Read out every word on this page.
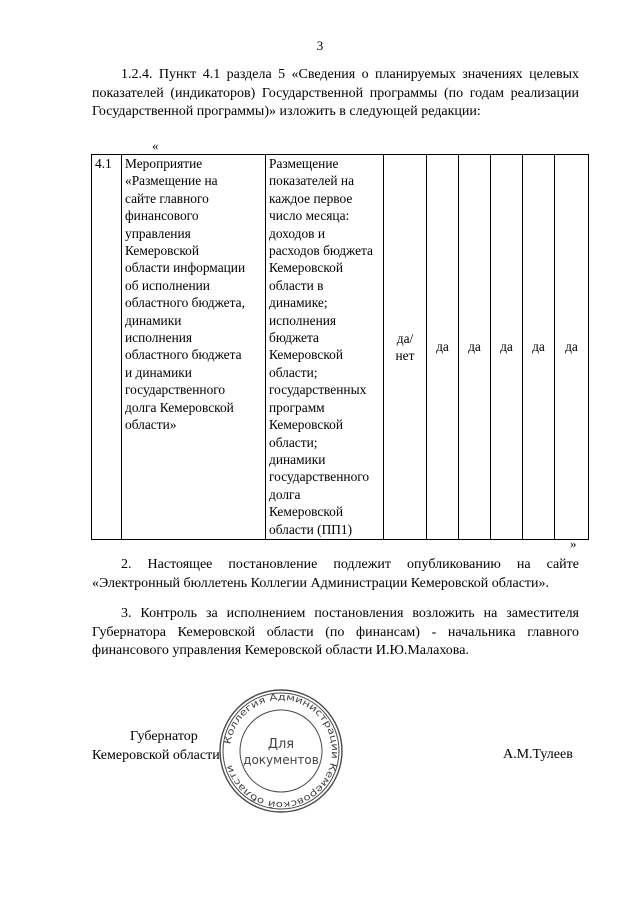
3

1.2.4. Пункт 4.1 раздела 5 «Сведения о планируемых значениях целевых показателей (индикаторов) Государственной программы (по годам реализации Государственной программы)» изложить в следующей редакции:

«
4.1	Мероприятие
«Размещение на
сайте главного
финансового
управления
Кемеровской
области информации
об исполнении
областного бюджета,
динамики
исполнения
областного бюджета
и динамики
государственного
долга Кемеровской
области»	Размещение
показателей на
каждое первое
число месяца:
доходов и
расходов бюджета
Кемеровской
области в
динамике;
исполнения
бюджета
Кемеровской
области;
государственных
программ
Кемеровской
области;
динамики
государственного
долга
Кемеровской
области (ПП1)	да/
нет	да	да	да	да	да
»

2. Настоящее постановление подлежит опубликованию на сайте «Электронный бюллетень Коллегии Администрации Кемеровской области».

3. Контроль за исполнением постановления возложить на заместителя Губернатора Кемеровской области (по финансам) - начальника главного финансового управления Кемеровской области И.Ю.Малахова.

Губернатор
Кемеровской области	А.М.Тулеев
Коллегия Администрации Кемеровской области
Для
документов
